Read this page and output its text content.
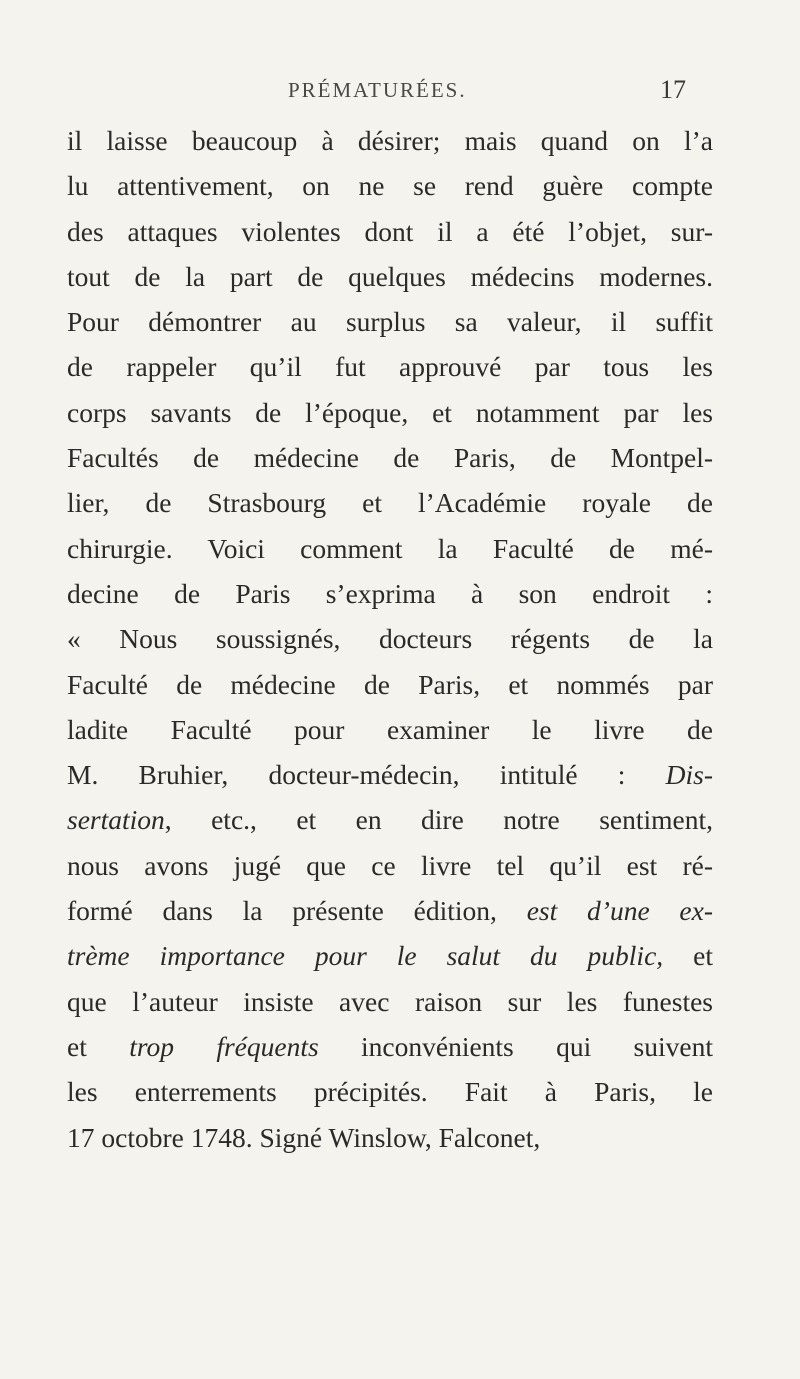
PRÉMATURÉES.	17
il laisse beaucoup à désirer; mais quand on l’a
lu attentivement, on ne se rend guère compte
des attaques violentes dont il a été l’objet, sur-
tout de la part de quelques médecins modernes.
Pour démontrer au surplus sa valeur, il suffit
de rappeler qu’il fut approuvé par tous les
corps savants de l’époque, et notamment par les
Facultés de médecine de Paris, de Montpel-
lier, de Strasbourg et l’Académie royale de
chirurgie. Voici comment la Faculté de mé-
decine de Paris s’exprima à son endroit :
« Nous soussignés, docteurs régents de la
Faculté de médecine de Paris, et nommés par
ladite Faculté pour examiner le livre de
M. Bruhier, docteur-médecin, intitulé : Dis-
sertation, etc., et en dire notre sentiment,
nous avons jugé que ce livre tel qu’il est ré-
formé dans la présente édition, est d’une ex-
trème importance pour le salut du public, et
que l’auteur insiste avec raison sur les funestes
et trop fréquents inconvénients qui suivent
les enterrements précipités. Fait à Paris, le
17 octobre 1748. Signé Winslow, Falconet,
